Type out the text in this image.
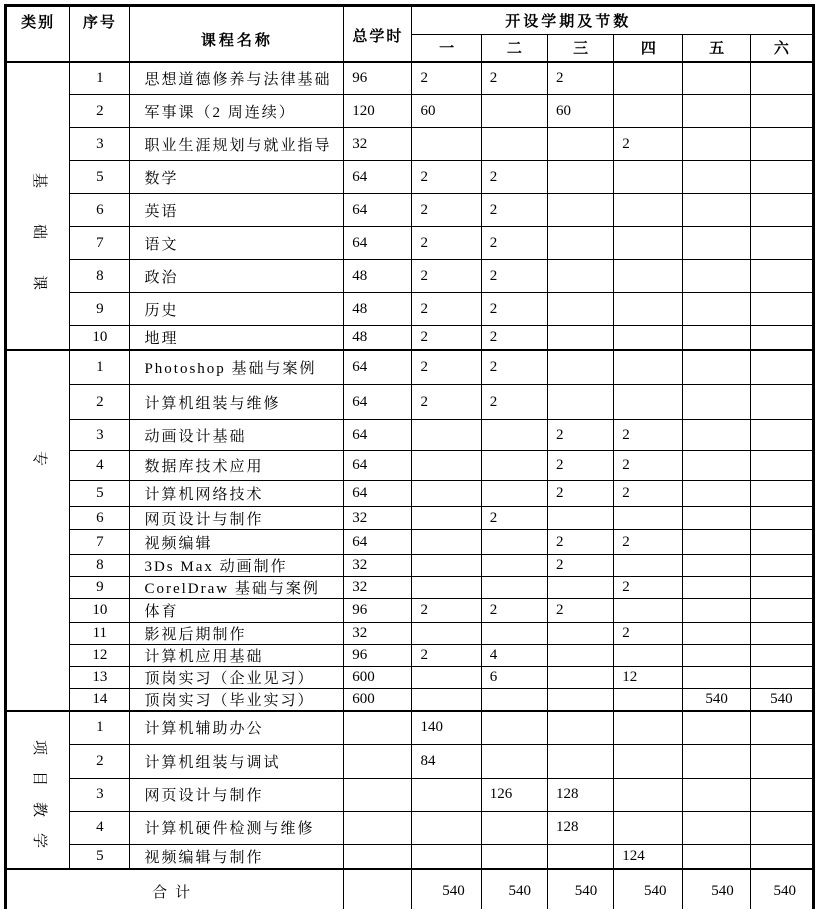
类别	序号	课程名称	总学时	开设学期及节数					
				一	二	三	四	五	六

基
础
课	1	思想道德修养与法律基础	96	2	2	2			
	2	军事课（2 周连续）	120	60		60			
	3	职业生涯规划与就业指导	32				2		
	5	数学	64	2	2				
	6	英语	64	2	2				
	7	语文	64	2	2				
	8	政治	48	2	2				
	9	历史	48	2	2				
	10	地理	48	2	2				

专	1	Photoshop 基础与案例	64	2	2				
	2	计算机组装与维修	64	2	2				
	3	动画设计基础	64			2	2		
	4	数据库技术应用	64			2	2		
	5	计算机网络技术	64			2	2		
	6	网页设计与制作	32		2				
	7	视频编辑	64			2	2		
	8	3Ds Max 动画制作	32			2			
	9	CorelDraw 基础与案例	32				2		
	10	体育	96	2	2	2			
	11	影视后期制作	32				2		
	12	计算机应用基础	96	2	4				
	13	顶岗实习（企业见习）	600		6		12		
	14	顶岗实习（毕业实习）	600					540	540

项
目
教
学	1	计算机辅助办公		140					
	2	计算机组装与调试		84					
	3	网页设计与制作			126	128			
	4	计算机硬件检测与维修				128			
	5	视频编辑与制作					124		
合计				540	540	540	540	540	540
